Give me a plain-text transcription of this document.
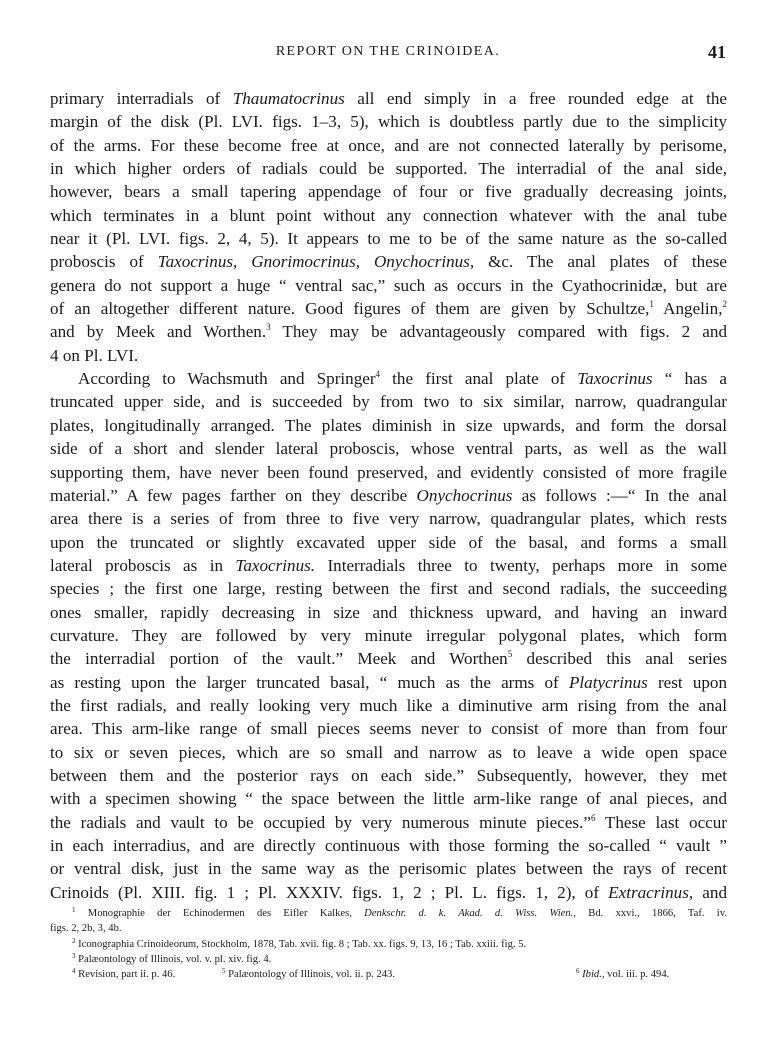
REPORT ON THE CRINOIDEA.	41
primary interradials of Thaumatocrinus all end simply in a free rounded edge at the
margin of the disk (Pl. LVI. figs. 1–3, 5), which is doubtless partly due to the simplicity
of the arms. For these become free at once, and are not connected laterally by perisome,
in which higher orders of radials could be supported. The interradial of the anal side,
however, bears a small tapering appendage of four or five gradually decreasing joints,
which terminates in a blunt point without any connection whatever with the anal tube
near it (Pl. LVI. figs. 2, 4, 5). It appears to me to be of the same nature as the so-called
proboscis of Taxocrinus, Gnorimocrinus, Onychocrinus, &c. The anal plates of these
genera do not support a huge “ ventral sac,” such as occurs in the Cyathocrinidæ, but are
of an altogether different nature. Good figures of them are given by Schultze,$^1$ Angelin,$^2$
and by Meek and Worthen.$^3$ They may be advantageously compared with figs. 2 and
4 on Pl. LVI.
According to Wachsmuth and Springer$^4$ the first anal plate of Taxocrinus “ has a
truncated upper side, and is succeeded by from two to six similar, narrow, quadrangular
plates, longitudinally arranged. The plates diminish in size upwards, and form the dorsal
side of a short and slender lateral proboscis, whose ventral parts, as well as the wall
supporting them, have never been found preserved, and evidently consisted of more fragile
material.” A few pages farther on they describe Onychocrinus as follows :—“ In the anal
area there is a series of from three to five very narrow, quadrangular plates, which rests
upon the truncated or slightly excavated upper side of the basal, and forms a small
lateral proboscis as in Taxocrinus. Interradials three to twenty, perhaps more in some
species ; the first one large, resting between the first and second radials, the succeeding
ones smaller, rapidly decreasing in size and thickness upward, and having an inward
curvature. They are followed by very minute irregular polygonal plates, which form
the interradial portion of the vault.” Meek and Worthen$^5$ described this anal series
as resting upon the larger truncated basal, “ much as the arms of Platycrinus rest upon
the first radials, and really looking very much like a diminutive arm rising from the anal
area. This arm-like range of small pieces seems never to consist of more than from four
to six or seven pieces, which are so small and narrow as to leave a wide open space
between them and the posterior rays on each side.” Subsequently, however, they met
with a specimen showing “ the space between the little arm-like range of anal pieces, and
the radials and vault to be occupied by very numerous minute pieces.”$^6$ These last occur
in each interradius, and are directly continuous with those forming the so-called “ vault ”
or ventral disk, just in the same way as the perisomic plates between the rays of recent
Crinoids (Pl. XIII. fig. 1 ; Pl. XXXIV. figs. 1, 2 ; Pl. L. figs. 1, 2), of Extracrinus, and
$^1$ Monographie der Echinodermen des Eifler Kalkes, Denkschr. d. k. Akad. d. Wiss. Wien., Bd. xxvi., 1866, Taf. iv.
figs. 2, 2b, 3, 4b.
$^2$ Iconographia Crinoideorum, Stockholm, 1878, Tab. xvii. fig. 8 ; Tab. xx. figs. 9, 13, 16 ; Tab. xxiii. fig. 5.
$^3$ Palæontology of Illinois, vol. v. pl. xiv. fig. 4.
$^4$ Revision, part ii. p. 46.	$^5$ Palæontology of Illinois, vol. ii. p. 243.	$^6$ Ibid., vol. iii. p. 494.
